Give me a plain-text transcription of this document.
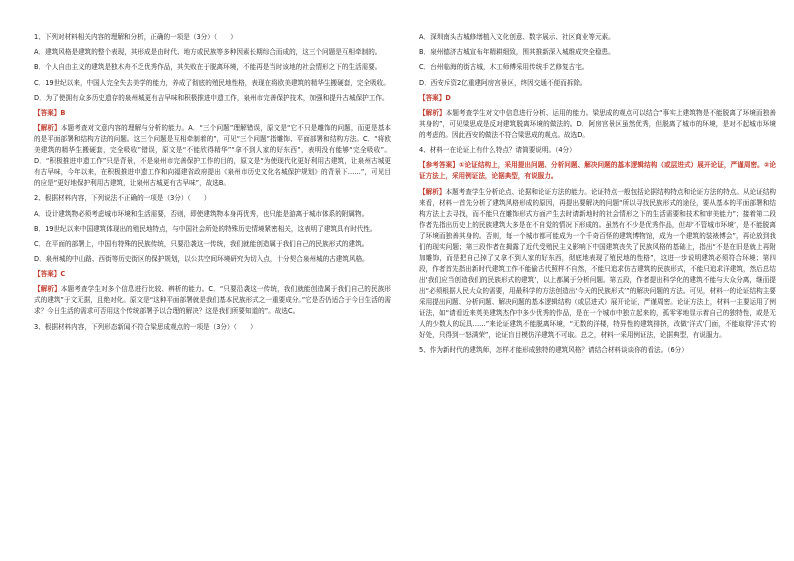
1、下列对材料相关内容的理解和分析，正确的一项是（3分）（　　）

A．建筑风格是建筑的整个表现，其形成是由时代、地方或民族等多种因素长期综合而成的，这三个问题是互相牵制的。

B．个人自由主义的建筑是独木舟不乏优秀作品，其失败在于脱离环境，不能再是当时该地的社会情形之下的生活需要。

C．19世纪以来，中国人完全失去美学的能力，养成了彻底的殖民地性格，表现在将欧美建筑的精华生搬硬套，完全吸收。

D．为了使拥有众多历史遗存的泉州城更有吉早味和积极推进申遗工作，泉州市完善保护技术，加强和提升古城保护工作。

【答案】B

【解析】本题考查对文意内容的理解与分析的能力。A．“三个问题”理解错误，原文是“它不只是雕饰的问题，而更是基本的是平面部署和结构方法的问题。这三个问题是互相牵制着的”，可见“三个问题”指雕饰、平面部署和结构方法。C．“将欧美建筑的精华生搬硬套，完全吸收”错误，原文是“不能欣得精华”“拿不到人家的好东西”，表明没有能够“完全吸收”。D．“积极推进申遗工作”只是背景，不是泉州市完善保护工作的目的，原文是“为使现代化更好利用古建筑，让泉州古城更有古早味，今年以来，在积极推进申遗工作和向福建省政府提出《泉州市历史文化名城保护规划》的背景下……”，可见目的应是“更好地保护利用古建筑，让泉州古城更有古早味”，故选B。

2、根据材料内容，下列说法不正确的一项是（3分）（　　）

A．设计建筑物必须考虑城市环境和生活需要，否则，即使建筑物本身再优秀，也只能是游离于城市体系的附属物。

B．19世纪以来中国建筑体现出的殖民地特点，与中国社会所处的特殊历史情境紧密相关，这表明了建筑具有时代性。

C．在平面的部署上，中国有特殊的民族传统，只要沿袭这一传统，我们就能创造属于我们自己的民族形式的建筑。

D．泉州城的中山路、西街等历史街区的保护规划，以公共空间环境研究为切入点，十分契合泉州城的古建筑风格。

【答案】C

【解析】本题考查学生对多个信息进行比较、辨析的能力。C．“只要沿袭这一传统，我们就能创造属于我们自己的民族形式的建筑”于文无据，且绝对化。原文是“这种平面部署就是我们基本民族形式之一重要成分。”它是否仍适合于今日生活的需求？今日生活的需求可否用这个传统部署予以合理的解决？这是我们所要知道的”。故选C。

3、根据材料内容，下列形态新闻不符合梁思成观点的一项是（3分）（　　）

A．深圳南头古城修缮植入文化创意、数字展示、社区商业等元素。

B．泉州德济古城宣布年精耕细致，围其推新深入城维成突全稳患。

C．台州临海的街古城，木工师傅采用传统手艺修复古宅。

D．西安斥资2亿重建阿房宫景区，终因交通不便而拆除。

【答案】D

【解析】本题考查学生对文中信息进行分析、运用的能力。梁思成的观点可以结合“事实上建筑物是不能脱离了环境而独善其身的”，可见梁思成是反对建筑脱离环境的做法的。D．阿房宫景区虽然优秀，但脱离了城市的环境，是对不起城市环境的考虑的。因此西安的做法不符合梁思成的观点。故选D。

4、材料一在论证上有什么特点？请简要说明。（4分）

【参考答案】①论证结构上，采用提出问题、分析问题、解决问题的基本逻辑结构（或层进式）展开论证，严谨周密。②论证方法上，采用例证法，论据典型，有说服力。

【解析】本题考查学生分析论点、论据和论证方法的能力。论证特点一般包括论据结构特点和论证方法的特点。从论证结构来看，材料一首先分析了建筑风格形成的原因，再提出要解决的问题“所以寻找民族形式的途径，要从基本的平面部署和结构方法上去寻找，而不能只在雕饰形式方面产生去时请新地时的社会情形之下的生活需要和技术和审美能力”；接着第二段作者先指出历史上的民族建筑大多是在不自觉的情况下形成的。虽然有不少是优秀作品，但却‘不管城市环境’，是不能脱离了环境而独善其身的。否则，每一个城市都可能成为一个千奇百怪的建筑博物馆，成为一个建筑的装裱博会”，再论放到我们的现实问题；第三段作者在揭露了近代受殖民主义影响下中国建筑丧失了民族风格的基础上，指出“不是在旧是就上再附加雕饰，而是把自己掉了又拿不到人家的好东西，彻底地表现了殖民地的性格”，这进一步说明建筑必须符合环境；第四段，作者首先指出新时代建筑工作不能偷古代照样不自然，不能只追求仿古建筑的民族形式，不能只追求洋建筑，然后总结出‘我们应当创造我们的民族形式的建筑’，以上都属于分析问题。第五段，作者提出科学化的建筑不能与大众分离，继而提出“必须根据人民大众的需要，用最科学的方法创造出‘今天的民族形式’”的解决问题的方法。可见，材料一的论证结构主要采用提出问题、分析问题、解决问题的基本逻辑结构（或层进式）展开论证，严谨周密。论证方法上，材料一主要运用了例证法，如“请看近来英美建筑杰作中多少优秀的作品，是在一个城市中独立起来的，孤零零地显示着自己的独特性，或是无人的少数人的玩具……”来论证建筑不能脱离环境，“无数的洋楼，特异性的建筑排挤，改做‘洋式’门面，不能取得‘洋式’的好处，只得到一怒满荣”，论证盲目模仿洋建筑不可取。总之，材料一采用例证法，论据典型，有说服力。

5、作为新时代的建筑师，怎样才能形成独特的建筑风格？请结合材料谈谈你的看法。（6分）
